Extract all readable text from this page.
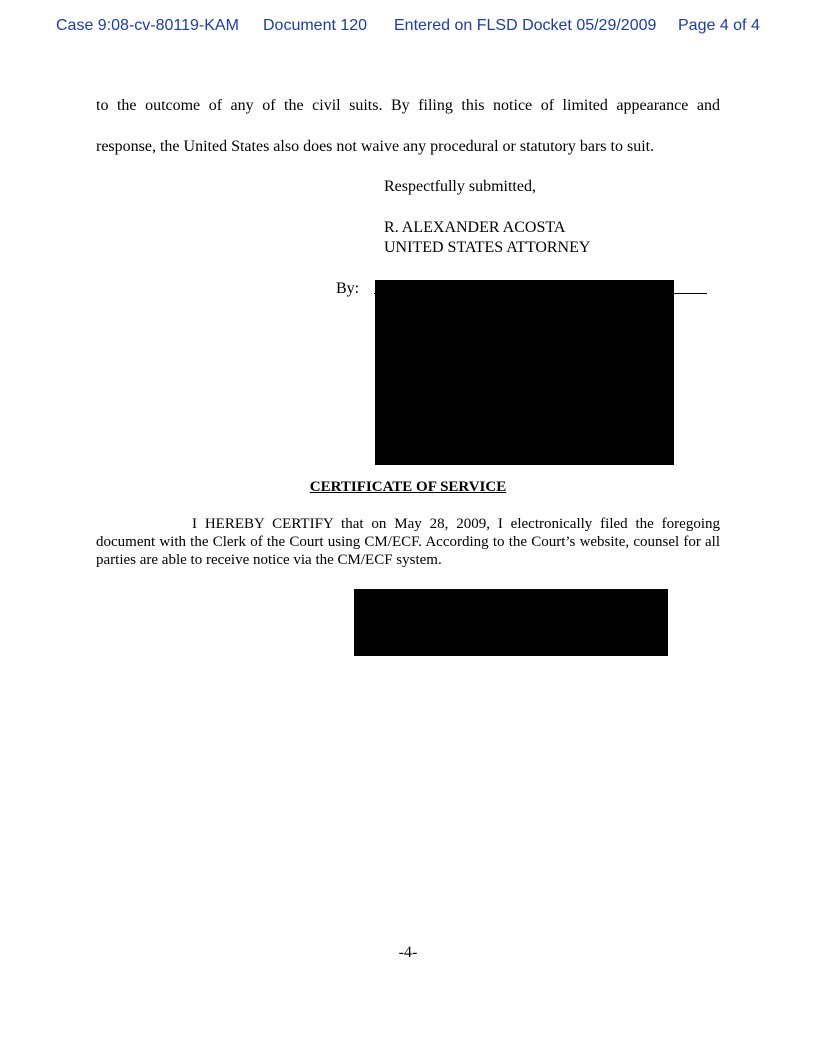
Case 9:08-cv-80119-KAM Document 120 Entered on FLSD Docket 05/29/2009 Page 4 of 4
to the outcome of any of the civil suits. By filing this notice of limited appearance and
response, the United States also does not waive any procedural or statutory bars to suit.
Respectfully submitted,
R. ALEXANDER ACOSTA
UNITED STATES ATTORNEY
By:
CERTIFICATE OF SERVICE
I HEREBY CERTIFY that on May 28, 2009, I electronically filed the foregoing document with the Clerk of the Court using CM/ECF. According to the Court’s website, counsel for all parties are able to receive notice via the CM/ECF system.
-4-
